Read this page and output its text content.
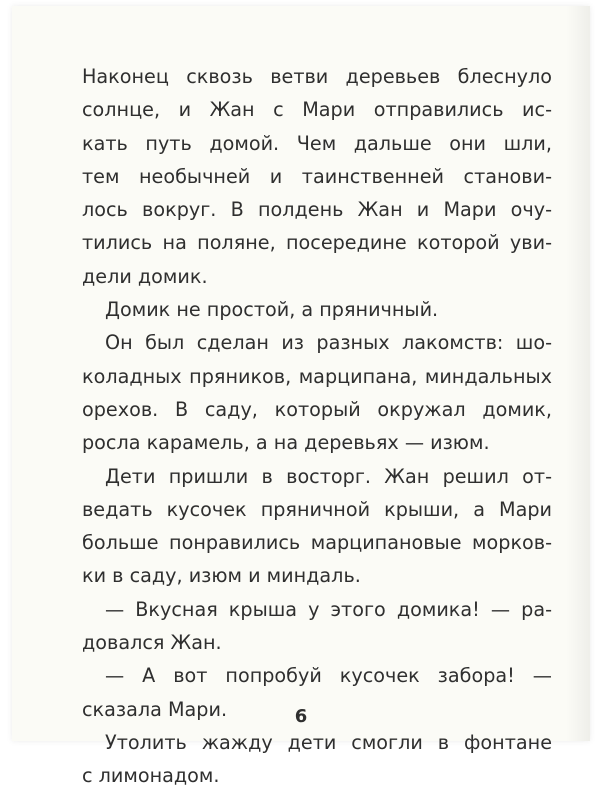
Наконец сквозь ветви деревьев блеснуло
солнце, и Жан с Мари отправились ис-
кать путь домой. Чем дальше они шли,
тем необычней и таинственней станови-
лось вокруг. В полдень Жан и Мари очу-
тились на поляне, посередине которой уви-
дели домик.

Домик не простой, а пряничный.

Он был сделан из разных лакомств: шо-
коладных пряников, марципана, миндальных
орехов. В саду, который окружал домик,
росла карамель, а на деревьях — изюм.

Дети пришли в восторг. Жан решил от-
ведать кусочек пряничной крыши, а Мари
больше понравились марципановые морков-
ки в саду, изюм и миндаль.

— Вкусная крыша у этого домика! — ра-
довался Жан.

— А вот попробуй кусочек забора! —
сказала Мари.

Утолить жажду дети смогли в фонтане
с лимонадом.

6
